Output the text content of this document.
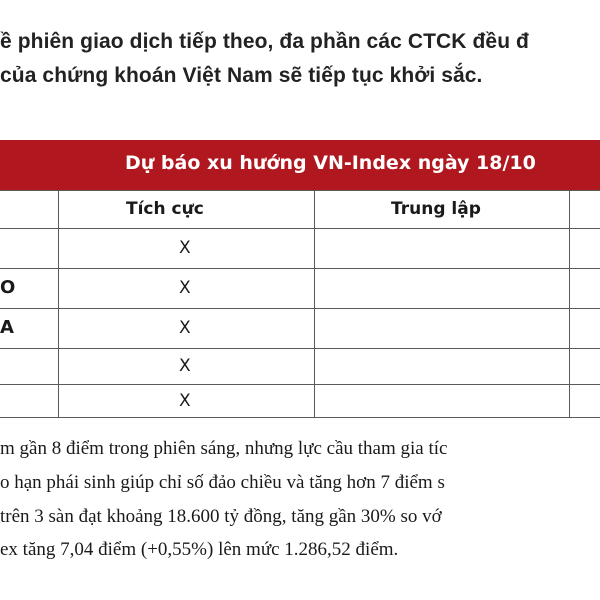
ề phiên giao dịch tiếp theo, đa phần các CTCK đều đ
của chứng khoán Việt Nam sẽ tiếp tục khởi sắc.
Dự báo xu hướng VN-Index ngày 18/10
Tích cực	Trung lập
O
A
X
X
X
X
X
m gần 8 điểm trong phiên sáng, nhưng lực cầu tham gia tíc
o hạn phái sinh giúp chỉ số đảo chiều và tăng hơn 7 điểm s
trên 3 sàn đạt khoảng 18.600 tỷ đồng, tăng gần 30% so vớ
ex tăng 7,04 điểm (+0,55%) lên mức 1.286,52 điểm.
